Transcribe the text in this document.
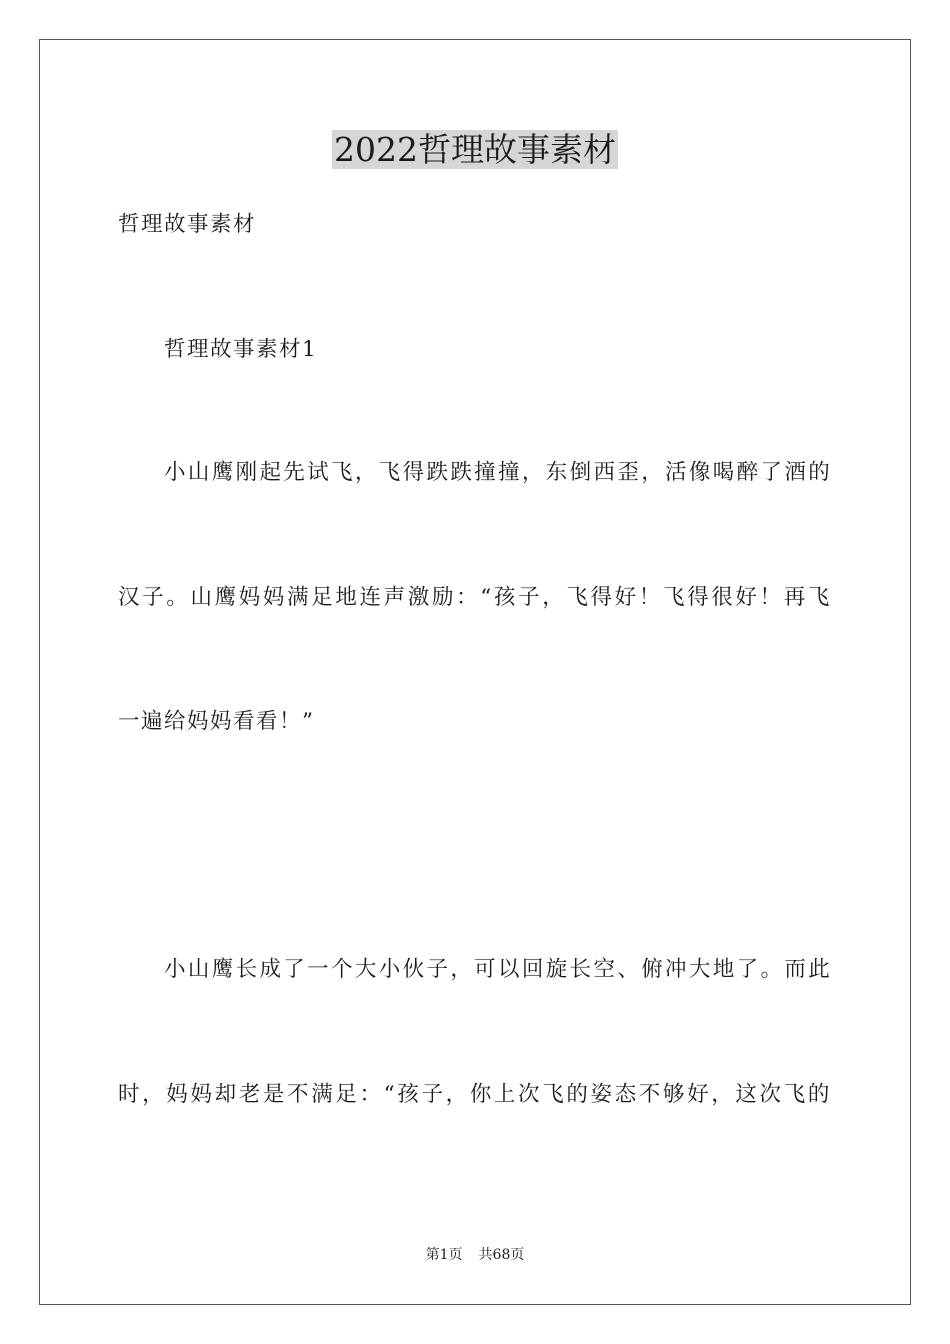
2022哲理故事素材
哲理故事素材
哲理故事素材1
小山鹰刚起先试飞，飞得跌跌撞撞，东倒西歪，活像喝醉了酒的
汉子。山鹰妈妈满足地连声激励：“孩子，飞得好！飞得很好！再飞
一遍给妈妈看看！”
小山鹰长成了一个大小伙子，可以回旋长空、俯冲大地了。而此
时，妈妈却老是不满足：“孩子，你上次飞的姿态不够好，这次飞的
第1页 共68页
